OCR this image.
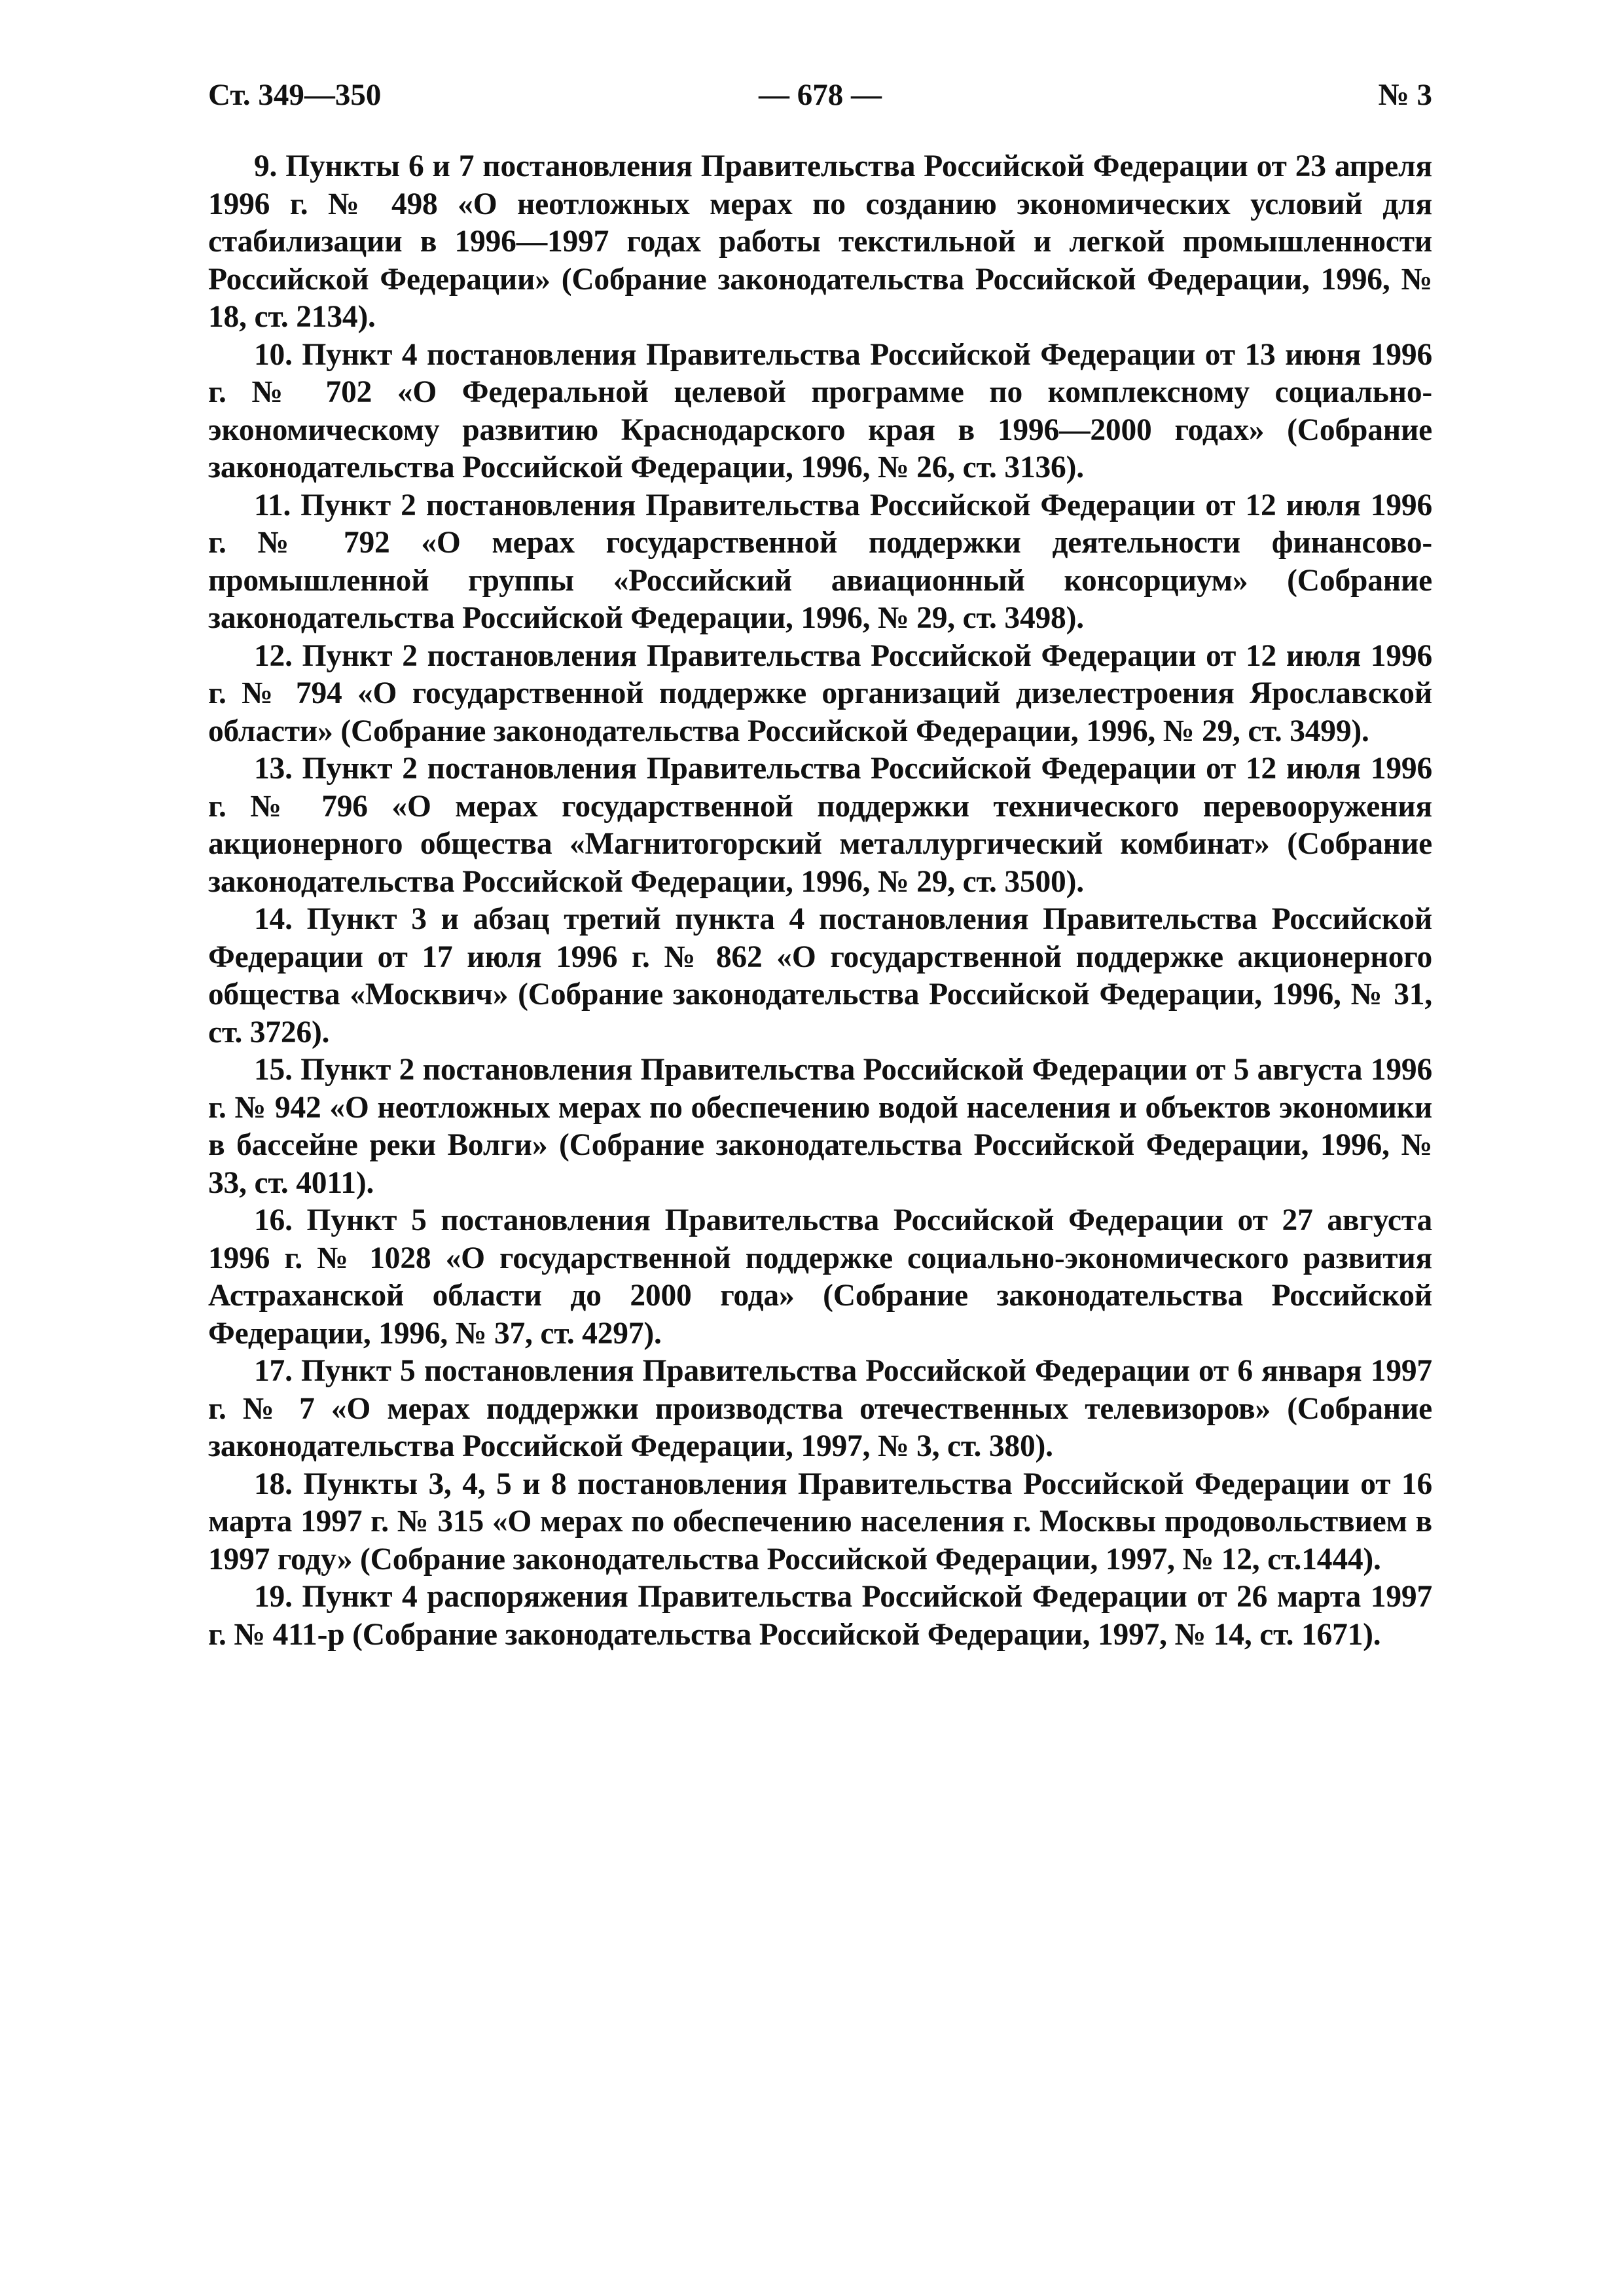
Ст. 349—350	— 678 —	№ 3

9. Пункты 6 и 7 постановления Правительства Российской Федерации от 23 апреля 1996 г. № 498 «О неотложных мерах по созданию экономических условий для стабилизации в 1996—1997 годах работы текстильной и легкой промышленности Российской Федерации» (Собрание законодательства Российской Федерации, 1996, № 18, ст. 2134).

10. Пункт 4 постановления Правительства Российской Федерации от 13 июня 1996 г. № 702 «О Федеральной целевой программе по комплексному социально-экономическому развитию Краснодарского края в 1996—2000 годах» (Собрание законодательства Российской Федерации, 1996, № 26, ст. 3136).

11. Пункт 2 постановления Правительства Российской Федерации от 12 июля 1996 г. № 792 «О мерах государственной поддержки деятельности финансово-промышленной группы «Российский авиационный консорциум» (Собрание законодательства Российской Федерации, 1996, № 29, ст. 3498).

12. Пункт 2 постановления Правительства Российской Федерации от 12 июля 1996 г. № 794 «О государственной поддержке организаций дизелестроения Ярославской области» (Собрание законодательства Российской Федерации, 1996, № 29, ст. 3499).

13. Пункт 2 постановления Правительства Российской Федерации от 12 июля 1996 г. № 796 «О мерах государственной поддержки технического перевооружения акционерного общества «Магнитогорский металлургический комбинат» (Собрание законодательства Российской Федерации, 1996, № 29, ст. 3500).

14. Пункт 3 и абзац третий пункта 4 постановления Правительства Российской Федерации от 17 июля 1996 г. № 862 «О государственной поддержке акционерного общества «Москвич» (Собрание законодательства Российской Федерации, 1996, № 31, ст. 3726).

15. Пункт 2 постановления Правительства Российской Федерации от 5 августа 1996 г. № 942 «О неотложных мерах по обеспечению водой населения и объектов экономики в бассейне реки Волги» (Собрание законодательства Российской Федерации, 1996, № 33, ст. 4011).

16. Пункт 5 постановления Правительства Российской Федерации от 27 августа 1996 г. № 1028 «О государственной поддержке социально-экономического развития Астраханской области до 2000 года» (Собрание законодательства Российской Федерации, 1996, № 37, ст. 4297).

17. Пункт 5 постановления Правительства Российской Федерации от 6 января 1997 г. № 7 «О мерах поддержки производства отечественных телевизоров» (Собрание законодательства Российской Федерации, 1997, № 3, ст. 380).

18. Пункты 3, 4, 5 и 8 постановления Правительства Российской Федерации от 16 марта 1997 г. № 315 «О мерах по обеспечению населения г. Москвы продовольствием в 1997 году» (Собрание законодательства Российской Федерации, 1997, № 12, ст.1444).

19. Пункт 4 распоряжения Правительства Российской Федерации от 26 марта 1997 г. № 411-р (Собрание законодательства Российской Федерации, 1997, № 14, ст. 1671).
